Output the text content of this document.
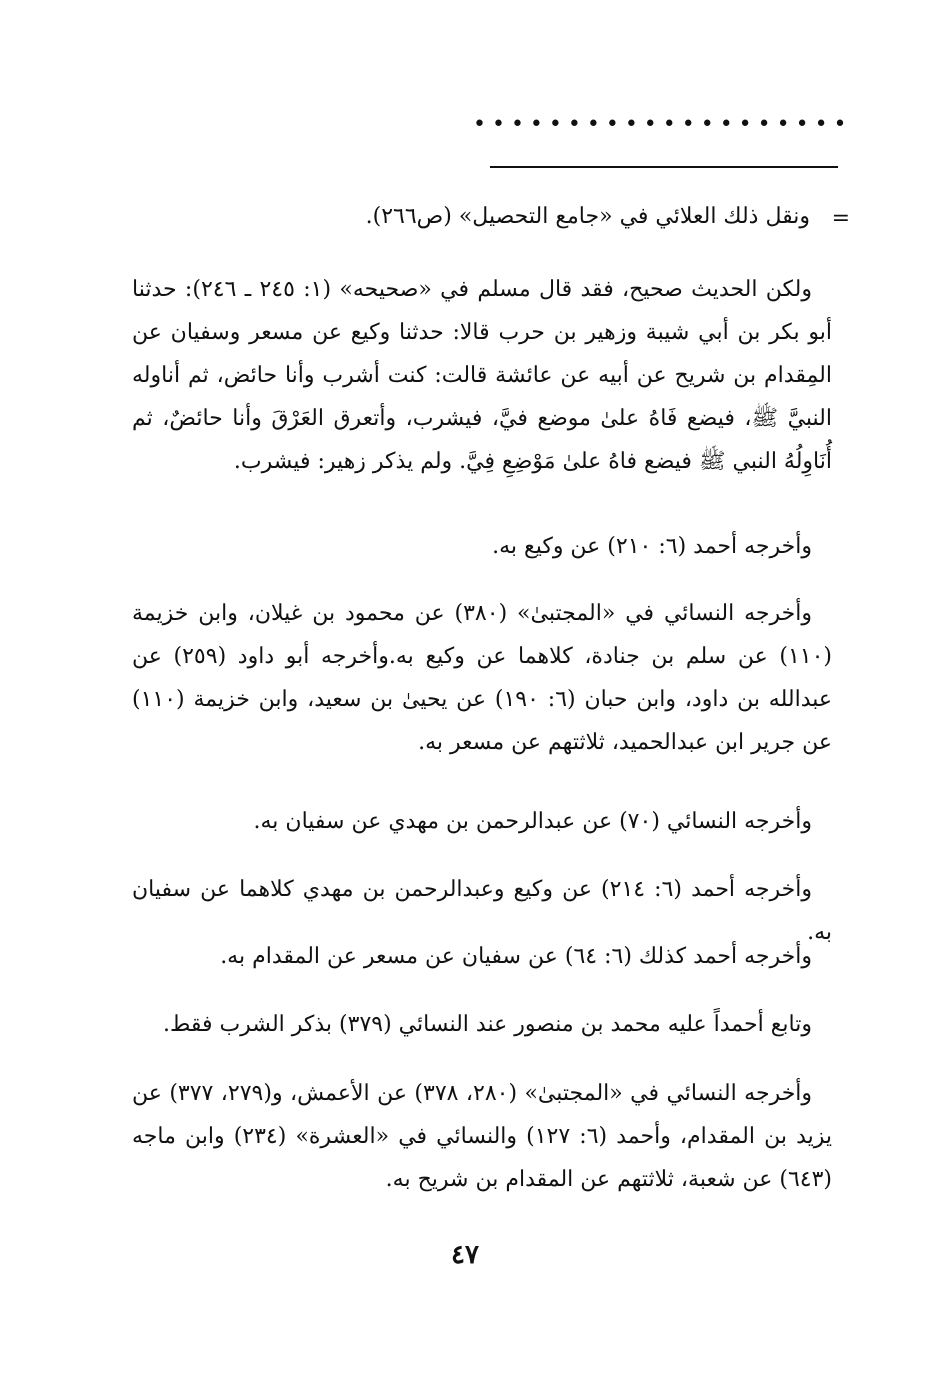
••••••••••••••••••••
=
ونقل ذلك العلائي في «جامع التحصيل» (ص٢٦٦).
ولكن الحديث صحيح، فقد قال مسلم في «صحيحه» (١: ٢٤٥ ـ ٢٤٦): حدثنا أبو بكر بن أبي شيبة وزهير بن حرب قالا: حدثنا وكيع عن مسعر وسفيان عن المِقدام بن شريح عن أبيه عن عائشة قالت: كنت أشرب وأنا حائض، ثم أناوله النبيَّ ﷺ، فيضع فَاهُ علىٰ موضع فيَّ، فيشرب، وأتعرق العَرْقَ وأنا حائضٌ، ثم أُنَاوِلُهُ النبي ﷺ فيضع فاهُ علىٰ مَوْضِعِ فِيَّ. ولم يذكر زهير: فيشرب.
وأخرجه أحمد (٦: ٢١٠) عن وكيع به.
وأخرجه النسائي في «المجتبىٰ» (٣٨٠) عن محمود بن غيلان، وابن خزيمة (١١٠) عن سلم بن جنادة، كلاهما عن وكيع به.وأخرجه أبو داود (٢٥٩) عن عبدالله بن داود، وابن حبان (٦: ١٩٠) عن يحيىٰ بن سعيد، وابن خزيمة (١١٠) عن جرير ابن عبدالحميد، ثلاثتهم عن مسعر به.
وأخرجه النسائي (٧٠) عن عبدالرحمن بن مهدي عن سفيان به.
وأخرجه أحمد (٦: ٢١٤) عن وكيع وعبدالرحمن بن مهدي كلاهما عن سفيان به.
وأخرجه أحمد كذلك (٦: ٦٤) عن سفيان عن مسعر عن المقدام به.
وتابع أحمداً عليه محمد بن منصور عند النسائي (٣٧٩) بذكر الشرب فقط.
وأخرجه النسائي في «المجتبىٰ» (٢٨٠، ٣٧٨) عن الأعمش، و(٢٧٩، ٣٧٧) عن يزيد بن المقدام، وأحمد (٦: ١٢٧) والنسائي في «العشرة» (٢٣٤) وابن ماجه (٦٤٣) عن شعبة، ثلاثتهم عن المقدام بن شريح به.
٤٧
